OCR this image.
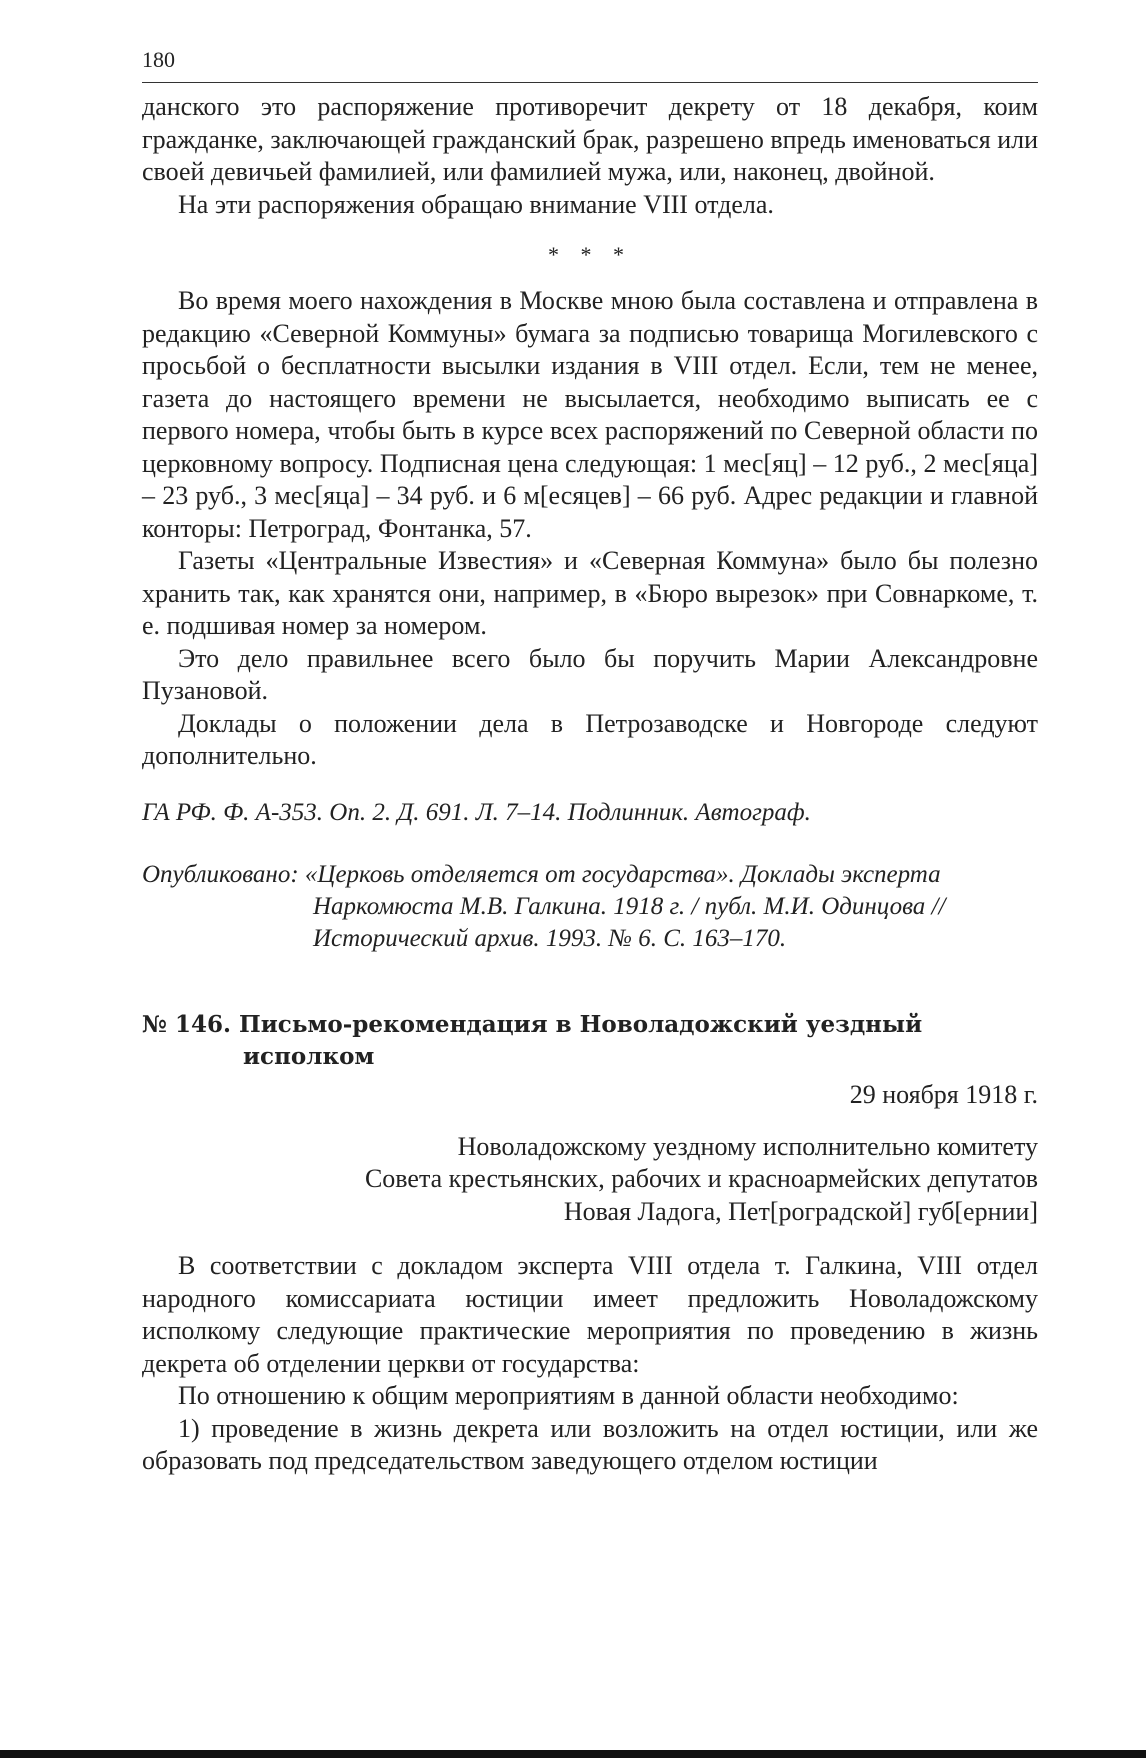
180

данского это распоряжение противоречит декрету от 18 декабря, коим гражданке, заключающей гражданский брак, разрешено впредь именоваться или своей девичьей фамилией, или фамилией мужа, или, наконец, двойной.

На эти распоряжения обращаю внимание VIII отдела.

* * *

Во время моего нахождения в Москве мною была составлена и отправлена в редакцию «Северной Коммуны» бумага за подписью товарища Могилевского с просьбой о бесплатности высылки издания в VIII отдел. Если, тем не менее, газета до настоящего времени не высылается, необходимо выписать ее с первого номера, чтобы быть в курсе всех распоряжений по Северной области по церковному вопросу. Подписная цена следующая: 1 мес[яц] – 12 руб., 2 мес[яца] – 23 руб., 3 мес[яца] – 34 руб. и 6 м[есяцев] – 66 руб. Адрес редакции и главной конторы: Петроград, Фонтанка, 57.

Газеты «Центральные Известия» и «Северная Коммуна» было бы полезно хранить так, как хранятся они, например, в «Бюро вырезок» при Совнаркоме, т. е. подшивая номер за номером.

Это дело правильнее всего было бы поручить Марии Александровне Пузановой.

Доклады о положении дела в Петрозаводске и Новгороде следуют дополнительно.

ГА РФ. Ф. А-353. Оп. 2. Д. 691. Л. 7–14. Подлинник. Автограф.
Опубликовано: «Церковь отделяется от государства». Доклады эксперта Наркомюста М.В. Галкина. 1918 г. / публ. М.И. Одинцова // Исторический архив. 1993. № 6. С. 163–170.
№ 146. Письмо-рекомендация в Новоладожский уездный исполком
29 ноября 1918 г.
Новоладожскому уездному исполнительно комитету
Совета крестьянских, рабочих и красноармейских депутатов
Новая Ладога, Пет[роградской] губ[ернии]

В соответствии с докладом эксперта VIII отдела т. Галкина, VIII отдел народного комиссариата юстиции имеет предложить Новоладожскому исполкому следующие практические мероприятия по проведению в жизнь декрета об отделении церкви от государства:

По отношению к общим мероприятиям в данной области необходимо:

1) проведение в жизнь декрета или возложить на отдел юстиции, или же образовать под председательством заведующего отделом юстиции
